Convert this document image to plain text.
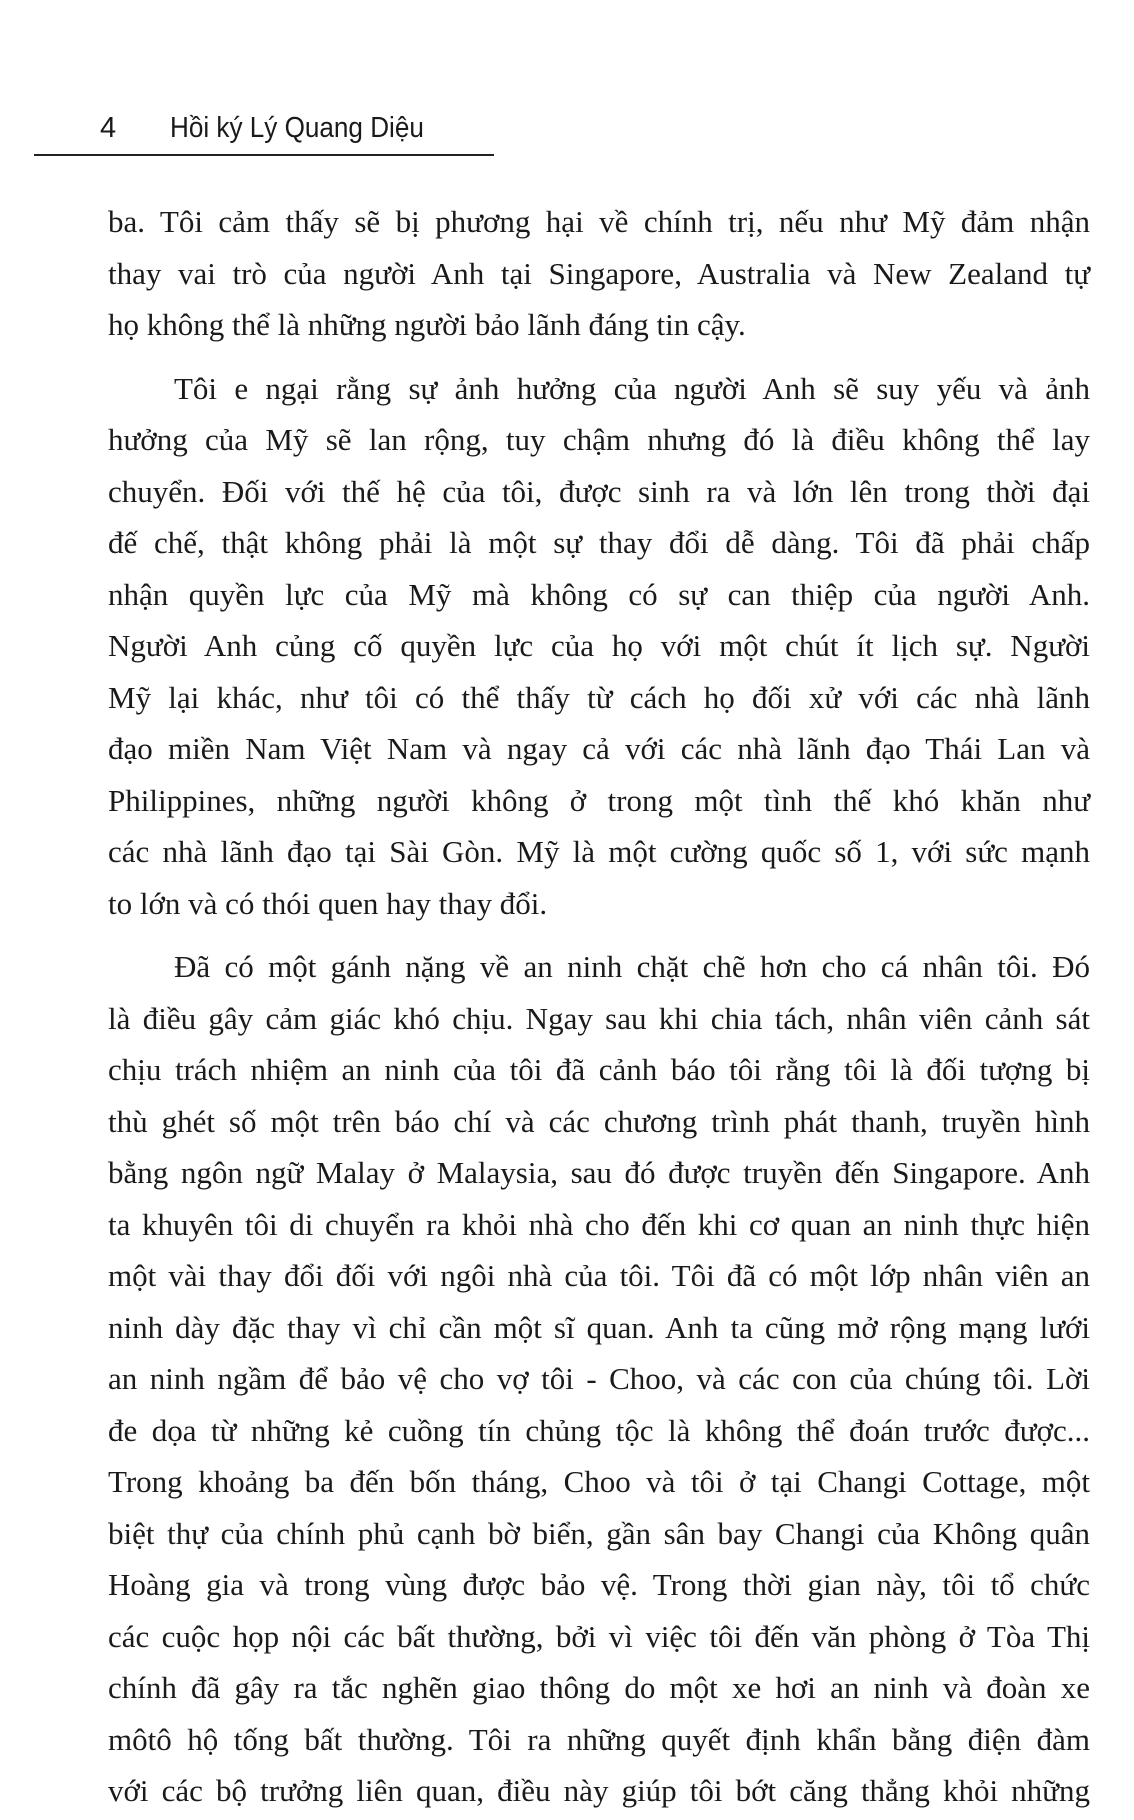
4 Hồi ký Lý Quang Diệu

ba. Tôi cảm thấy sẽ bị phương hại về chính trị, nếu như Mỹ đảm nhận
thay vai trò của người Anh tại Singapore, Australia và New Zealand tự
họ không thể là những người bảo lãnh đáng tin cậy.

Tôi e ngại rằng sự ảnh hưởng của người Anh sẽ suy yếu và ảnh
hưởng của Mỹ sẽ lan rộng, tuy chậm nhưng đó là điều không thể lay
chuyển. Đối với thế hệ của tôi, được sinh ra và lớn lên trong thời đại
đế chế, thật không phải là một sự thay đổi dễ dàng. Tôi đã phải chấp
nhận quyền lực của Mỹ mà không có sự can thiệp của người Anh.
Người Anh củng cố quyền lực của họ với một chút ít lịch sự. Người
Mỹ lại khác, như tôi có thể thấy từ cách họ đối xử với các nhà lãnh
đạo miền Nam Việt Nam và ngay cả với các nhà lãnh đạo Thái Lan và
Philippines, những người không ở trong một tình thế khó khăn như
các nhà lãnh đạo tại Sài Gòn. Mỹ là một cường quốc số 1, với sức mạnh
to lớn và có thói quen hay thay đổi.

Đã có một gánh nặng về an ninh chặt chẽ hơn cho cá nhân tôi. Đó
là điều gây cảm giác khó chịu. Ngay sau khi chia tách, nhân viên cảnh sát
chịu trách nhiệm an ninh của tôi đã cảnh báo tôi rằng tôi là đối tượng bị
thù ghét số một trên báo chí và các chương trình phát thanh, truyền hình
bằng ngôn ngữ Malay ở Malaysia, sau đó được truyền đến Singapore. Anh
ta khuyên tôi di chuyển ra khỏi nhà cho đến khi cơ quan an ninh thực hiện
một vài thay đổi đối với ngôi nhà của tôi. Tôi đã có một lớp nhân viên an
ninh dày đặc thay vì chỉ cần một sĩ quan. Anh ta cũng mở rộng mạng lưới
an ninh ngầm để bảo vệ cho vợ tôi - Choo, và các con của chúng tôi. Lời
đe dọa từ những kẻ cuồng tín chủng tộc là không thể đoán trước được...
Trong khoảng ba đến bốn tháng, Choo và tôi ở tại Changi Cottage, một
biệt thự của chính phủ cạnh bờ biển, gần sân bay Changi của Không quân
Hoàng gia và trong vùng được bảo vệ. Trong thời gian này, tôi tổ chức
các cuộc họp nội các bất thường, bởi vì việc tôi đến văn phòng ở Tòa Thị
chính đã gây ra tắc nghẽn giao thông do một xe hơi an ninh và đoàn xe
môtô hộ tống bất thường. Tôi ra những quyết định khẩn bằng điện đàm
với các bộ trưởng liên quan, điều này giúp tôi bớt căng thẳng khỏi những
